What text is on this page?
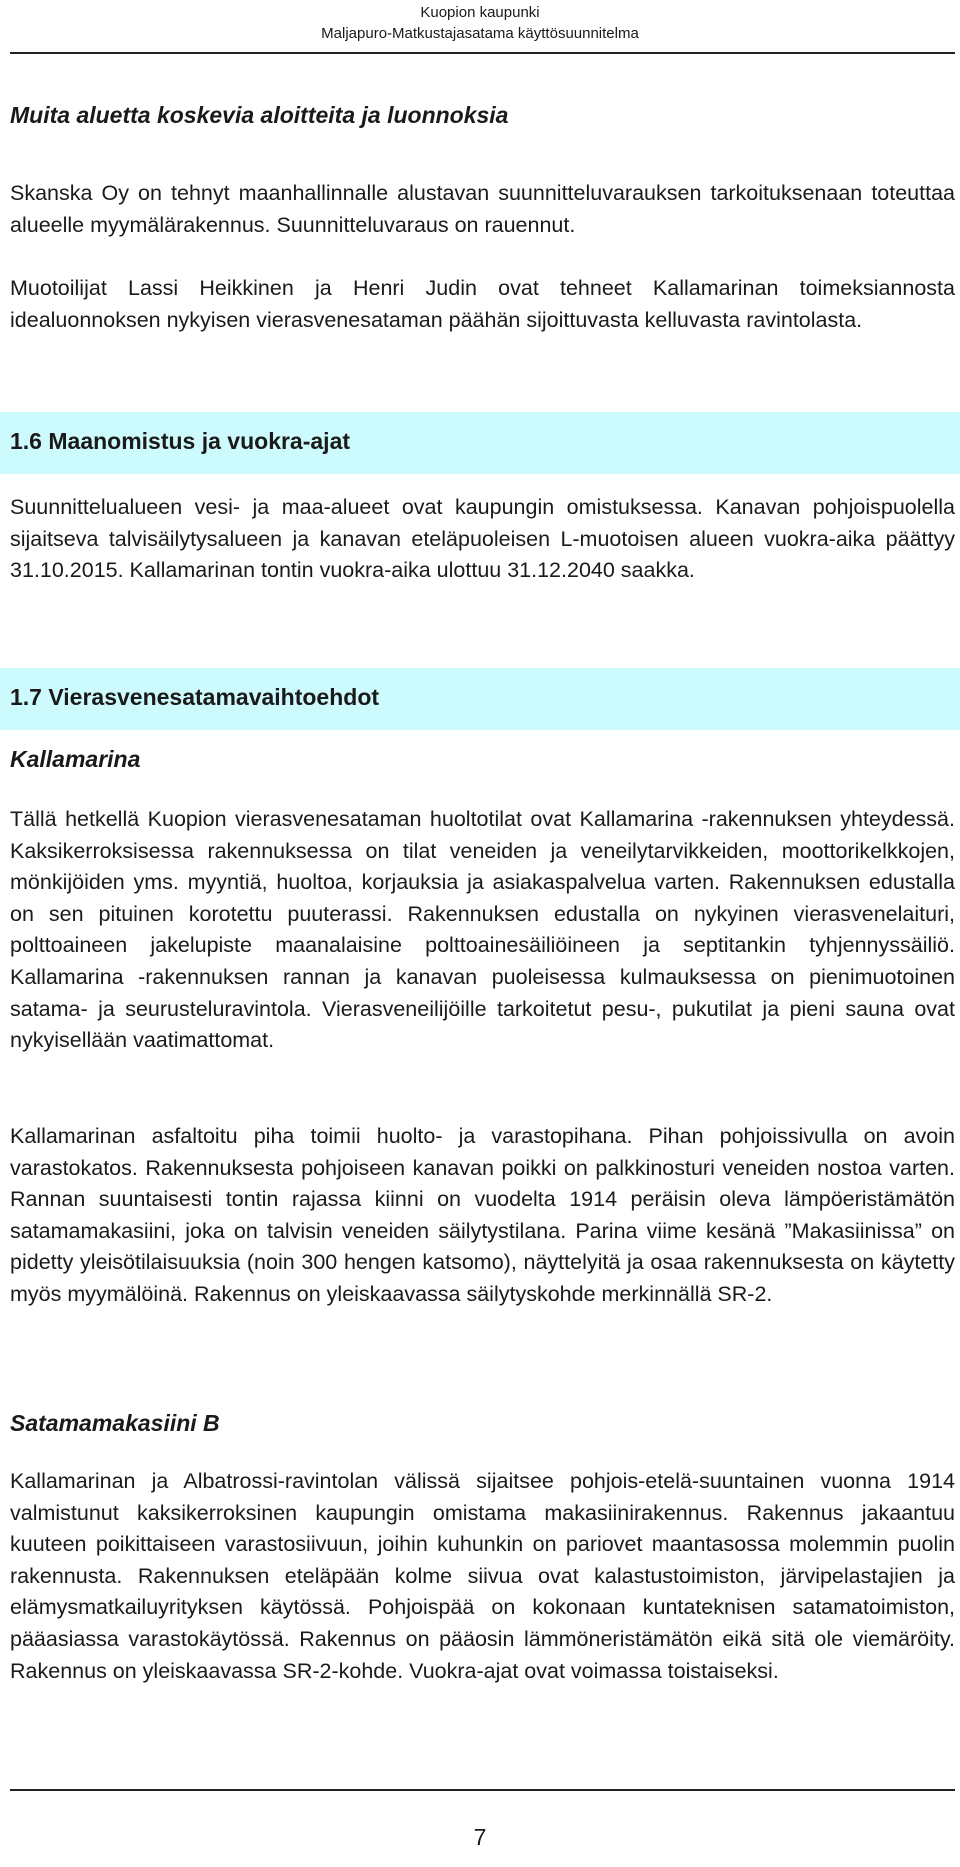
Kuopion kaupunki
Maljapuro-Matkustajasatama käyttösuunnitelma
Muita aluetta koskevia aloitteita ja luonnoksia

Skanska Oy on tehnyt maanhallinnalle alustavan suunnitteluvarauksen tarkoituksenaan toteuttaa alueelle myymälärakennus. Suunnitteluvaraus on rauennut.

Muotoilijat Lassi Heikkinen ja Henri Judin ovat tehneet Kallamarinan toimeksiannosta idealuonnoksen nykyisen vierasvenesataman päähän sijoittuvasta kelluvasta ravintolasta.

1.6 Maanomistus ja vuokra-ajat

Suunnittelualueen vesi- ja maa-alueet ovat kaupungin omistuksessa. Kanavan pohjoispuolella sijaitseva talvisäilytysalueen ja kanavan eteläpuoleisen L-muotoisen alueen vuokra-aika päättyy 31.10.2015. Kallamarinan tontin vuokra-aika ulottuu 31.12.2040 saakka.

1.7 Vierasvenesatamavaihtoehdot
Kallamarina

Tällä hetkellä Kuopion vierasvenesataman huoltotilat ovat Kallamarina -rakennuksen yhteydessä. Kaksikerroksisessa rakennuksessa on tilat veneiden ja veneilytarvikkeiden, moottorikelkkojen, mönkijöiden yms. myyntiä, huoltoa, korjauksia ja asiakaspalvelua varten. Rakennuksen edustalla on sen pituinen korotettu puuterassi. Rakennuksen edustalla on nykyinen vierasvenelaituri, polttoaineen jakelupiste maanalaisine polttoainesäiliöineen ja septitankin tyhjennyssäiliö. Kallamarina -rakennuksen rannan ja kanavan puoleisessa kulmauksessa on pienimuotoinen satama- ja seurusteluravintola. Vierasveneilijöille tarkoitetut pesu-, pukutilat ja pieni sauna ovat nykyisellään vaatimattomat.

Kallamarinan asfaltoitu piha toimii huolto- ja varastopihana. Pihan pohjoissivulla on avoin varastokatos. Rakennuksesta pohjoiseen kanavan poikki on palkkinosturi veneiden nostoa varten. Rannan suuntaisesti tontin rajassa kiinni on vuodelta 1914 peräisin oleva lämpöeristämätön satamamakasiini, joka on talvisin veneiden säilytystilana. Parina viime kesänä ”Makasiinissa” on pidetty yleisötilaisuuksia (noin 300 hengen katsomo), näyttelyitä ja osaa rakennuksesta on käytetty myös myymälöinä. Rakennus on yleiskaavassa säilytyskohde merkinnällä SR-2.

Satamamakasiini B

Kallamarinan ja Albatrossi-ravintolan välissä sijaitsee pohjois-etelä-suuntainen vuonna 1914 valmistunut kaksikerroksinen kaupungin omistama makasiinirakennus. Rakennus jakaantuu kuuteen poikittaiseen varastosiivuun, joihin kuhunkin on pariovet maantasossa molemmin puolin rakennusta. Rakennuksen eteläpään kolme siivua ovat kalastustoimiston, järvipelastajien ja elämysmatkailuyrityksen käytössä. Pohjoispää on kokonaan kuntateknisen satamatoimiston, pääasiassa varastokäytössä. Rakennus on pääosin lämmöneristämätön eikä sitä ole viemäröity. Rakennus on yleiskaavassa SR-2-kohde. Vuokra-ajat ovat voimassa toistaiseksi.

7
